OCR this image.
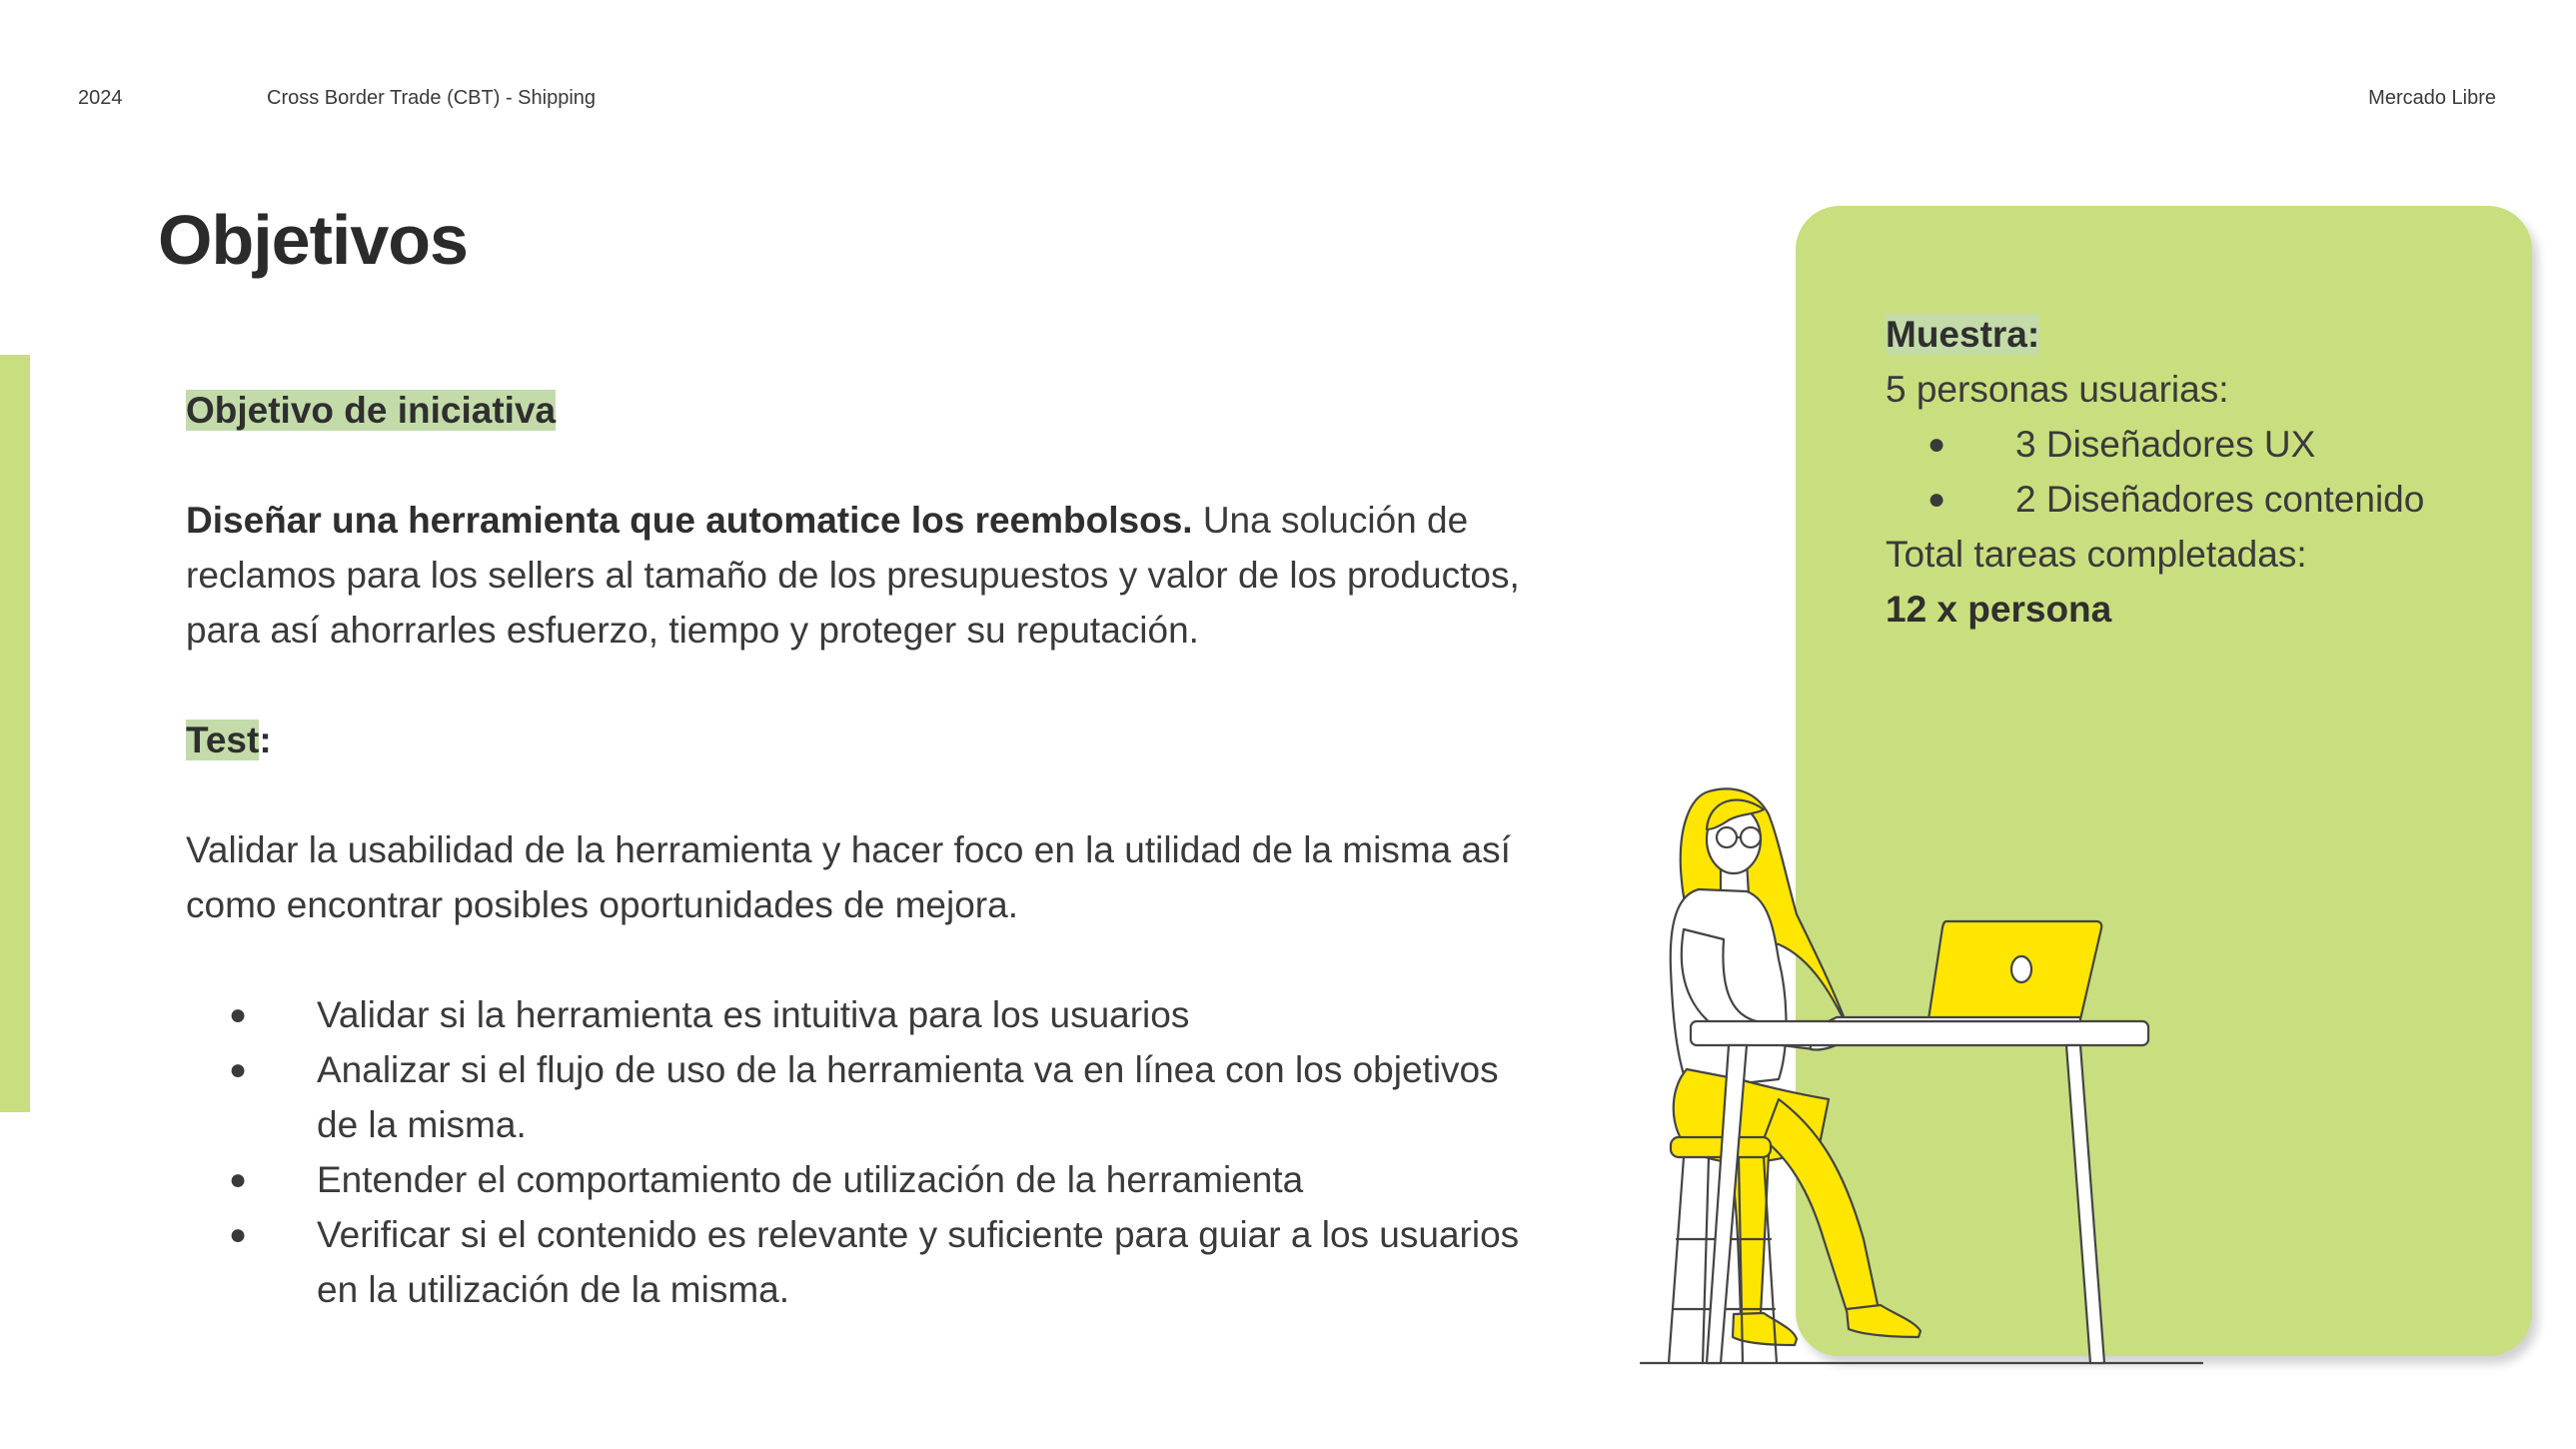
2024	Cross Border Trade (CBT) - Shipping	Mercado Libre
Objetivos

Objetivo de iniciativa

Diseñar una herramienta que automatice los reembolsos. Una solución de reclamos para los sellers al tamaño de los presupuestos y valor de los productos, para así ahorrarles esfuerzo, tiempo y proteger su reputación.

Test:

Validar la usabilidad de la herramienta y hacer foco en la utilidad de la misma así como encontrar posibles oportunidades de mejora.

● Validar si la herramienta es intuitiva para los usuarios
● Analizar si el flujo de uso de la herramienta va en línea con los objetivos de la misma.
● Entender el comportamiento de utilización de la herramienta
● Verificar si el contenido es relevante y suficiente para guiar a los usuarios en la utilización de la misma.

Muestra:

5 personas usuarias:

● 3 Diseñadores UX
● 2 Diseñadores contenido

Total tareas completadas:

12 x persona
